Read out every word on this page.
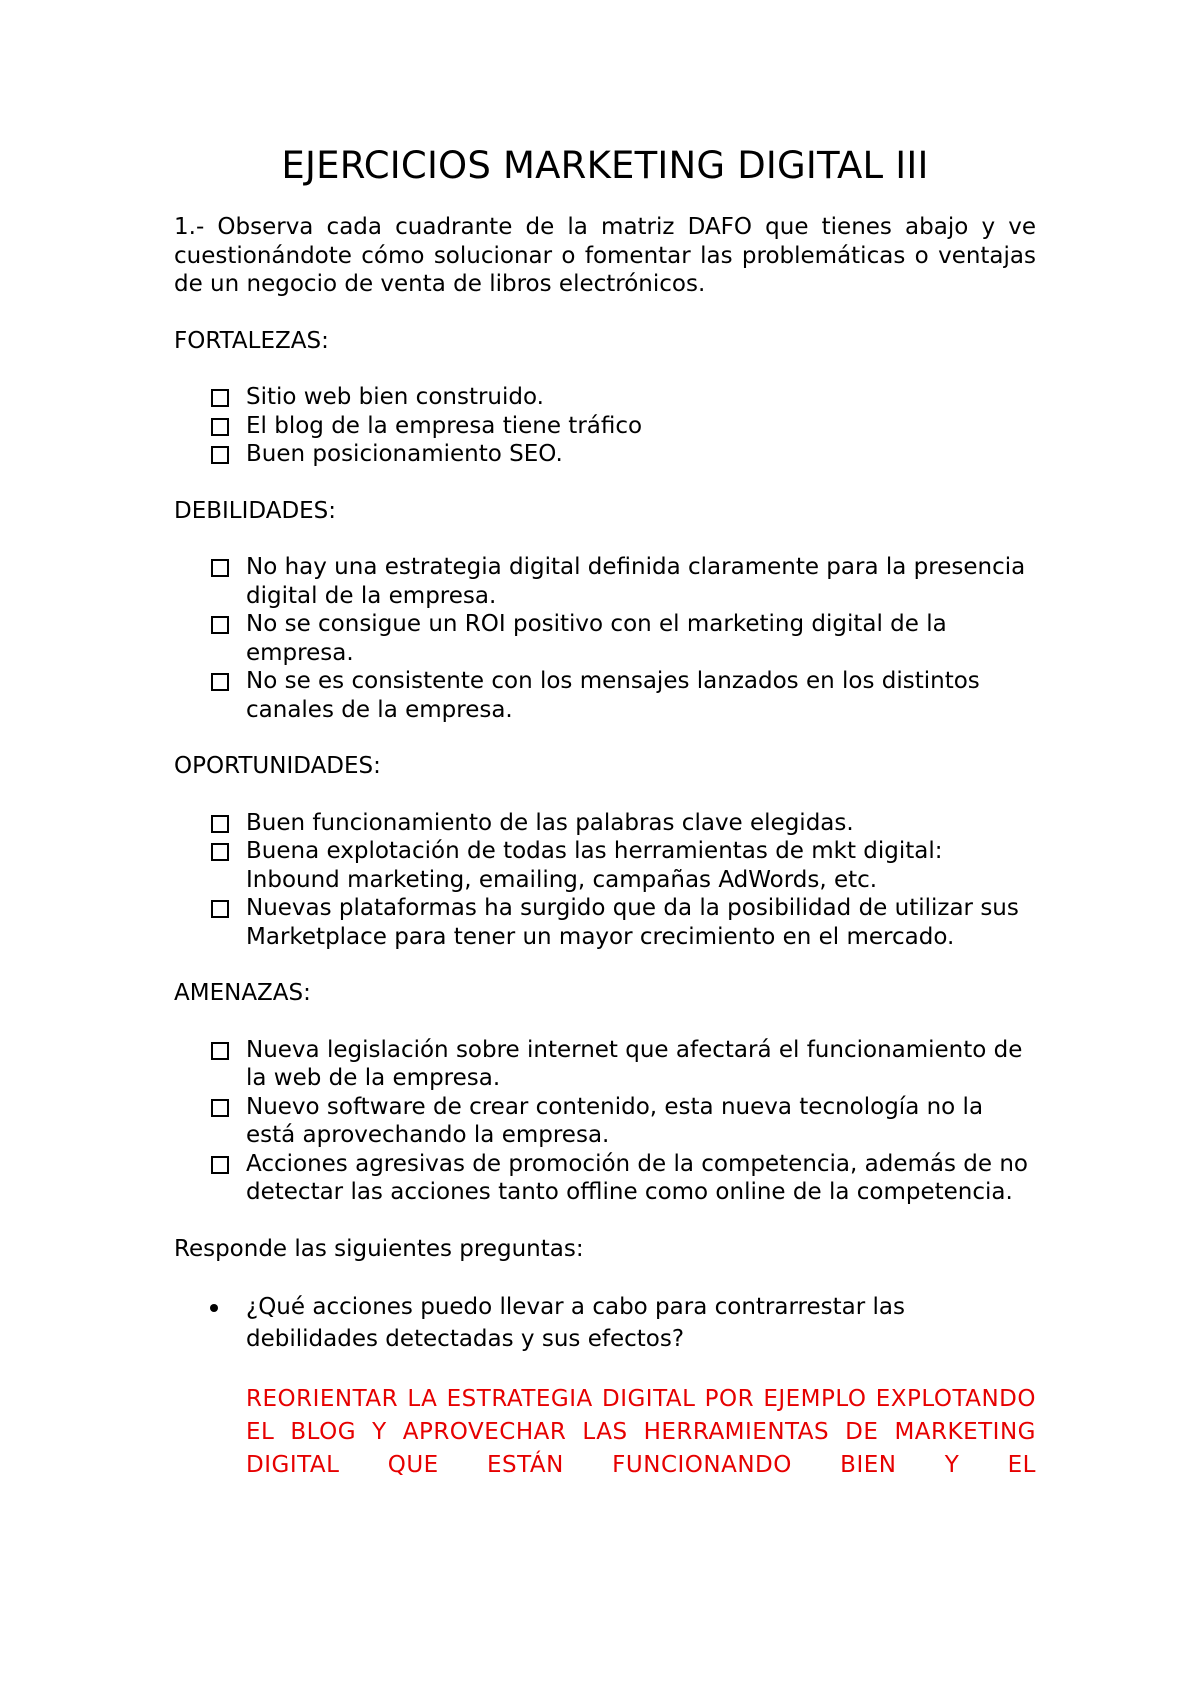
EJERCICIOS MARKETING DIGITAL III

1.- Observa cada cuadrante de la matriz DAFO que tienes abajo y ve cuestionándote cómo solucionar o fomentar las problemáticas o ventajas de un negocio de venta de libros electrónicos.

FORTALEZAS:

Sitio web bien construido.
El blog de la empresa tiene tráfico
Buen posicionamiento SEO.

DEBILIDADES:

No hay una estrategia digital definida claramente para la presencia digital de la empresa.
No se consigue un ROI positivo con el marketing digital de la empresa.
No se es consistente con los mensajes lanzados en los distintos canales de la empresa.

OPORTUNIDADES:

Buen funcionamiento de las palabras clave elegidas.
Buena explotación de todas las herramientas de mkt digital: Inbound marketing, emailing, campañas AdWords, etc.
Nuevas plataformas ha surgido que da la posibilidad de utilizar sus Marketplace para tener un mayor crecimiento en el mercado.

AMENAZAS:

Nueva legislación sobre internet que afectará el funcionamiento de la web de la empresa.
Nuevo software de crear contenido, esta nueva tecnología no la está aprovechando la empresa.
Acciones agresivas de promoción de la competencia, además de no detectar las acciones tanto offline como online de la competencia.

Responde las siguientes preguntas:

¿Qué acciones puedo llevar a cabo para contrarrestar las debilidades detectadas y sus efectos?

REORIENTAR LA ESTRATEGIA DIGITAL POR EJEMPLO EXPLOTANDO EL BLOG Y APROVECHAR LAS HERRAMIENTAS DE MARKETING DIGITAL QUE ESTÁN FUNCIONANDO BIEN Y EL
